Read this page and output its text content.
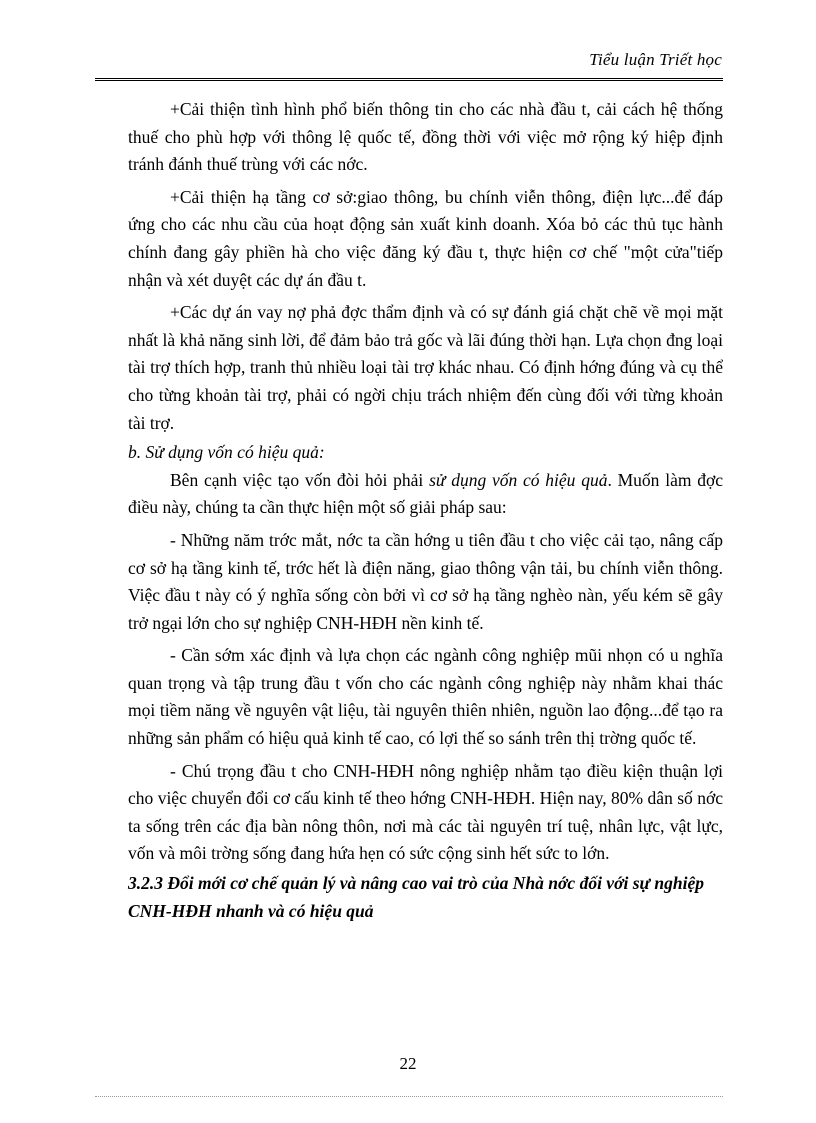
Tiểu luận Triết học

+Cải thiện tình hình phổ biến thông tin cho các nhà đầu t, cải cách hệ thống thuế cho phù hợp với thông lệ quốc tế, đồng thời với việc mở rộng ký hiệp định tránh đánh thuế trùng với các nớc.

+Cải thiện hạ tầng cơ sở:giao thông, bu chính viễn thông, điện lực...để đáp ứng cho các nhu cầu của hoạt động sản xuất kinh doanh. Xóa bỏ các thủ tục hành chính đang gây phiền hà cho việc đăng ký đầu t, thực hiện cơ chế "một cửa"tiếp nhận và xét duyệt các dự án đầu t.

+Các dự án vay nợ phả đợc thẩm định và có sự đánh giá chặt chẽ về mọi mặt nhất là khả năng sinh lời, để đảm bảo trả gốc và lãi đúng thời hạn. Lựa chọn đng loại tài trợ thích hợp, tranh thủ nhiều loại tài trợ khác nhau. Có định hớng đúng và cụ thể cho từng khoản tài trợ, phải có ngời chịu trách nhiệm đến cùng đối với từng khoản tài trợ.

b. Sử dụng vốn có hiệu quả:

Bên cạnh việc tạo vốn đòi hỏi phải sử dụng vốn có hiệu quả. Muốn làm đợc điều này, chúng ta cần thực hiện một số giải pháp sau:

- Những năm trớc mắt, nớc ta cần hớng u tiên đầu t cho việc cải tạo, nâng cấp cơ sở hạ tầng kinh tế, trớc hết là điện năng, giao thông vận tải, bu chính viễn thông. Việc đầu t này có ý nghĩa sống còn bởi vì cơ sở hạ tầng nghèo nàn, yếu kém sẽ gây trở ngại lớn cho sự nghiệp CNH-HĐH nền kinh tế.

- Cần sớm xác định và lựa chọn các ngành công nghiệp mũi nhọn có u nghĩa quan trọng và tập trung đầu t vốn cho các ngành công nghiệp này nhằm khai thác mọi tiềm năng về nguyên vật liệu, tài nguyên thiên nhiên, nguồn lao động...để tạo ra những sản phẩm có hiệu quả kinh tế cao, có lợi thế so sánh trên thị trờng quốc tế.

- Chú trọng đầu t cho CNH-HĐH nông nghiệp nhằm tạo điều kiện thuận lợi cho việc chuyển đổi cơ cấu kinh tế theo hớng CNH-HĐH. Hiện nay, 80% dân số nớc ta sống trên các địa bàn nông thôn, nơi mà các tài nguyên trí tuệ, nhân lực, vật lực, vốn và môi trờng sống đang hứa hẹn có sức cộng sinh hết sức to lớn.

3.2.3 Đổi mới cơ chế quản lý và nâng cao vai trò của Nhà nớc đối với sự nghiệp CNH-HĐH nhanh và có hiệu quả

22
